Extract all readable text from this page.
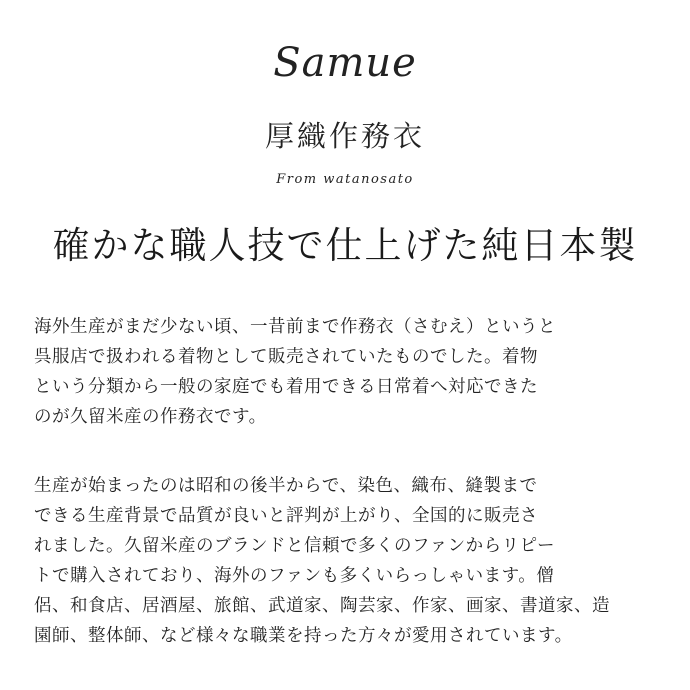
Samue
厚織作務衣
From watanosato
確かな職人技で仕上げた純日本製
海外生産がまだ少ない頃、一昔前まで作務衣（さむえ）というと
呉服店で扱われる着物として販売されていたものでした。着物
という分類から一般の家庭でも着用できる日常着へ対応できた
のが久留米産の作務衣です。
生産が始まったのは昭和の後半からで、染色、織布、縫製まで
できる生産背景で品質が良いと評判が上がり、全国的に販売さ
れました。久留米産のブランドと信頼で多くのファンからリピー
トで購入されており、海外のファンも多くいらっしゃいます。僧
侶、和食店、居酒屋、旅館、武道家、陶芸家、作家、画家、書道家、造
園師、整体師、など様々な職業を持った方々が愛用されています。
